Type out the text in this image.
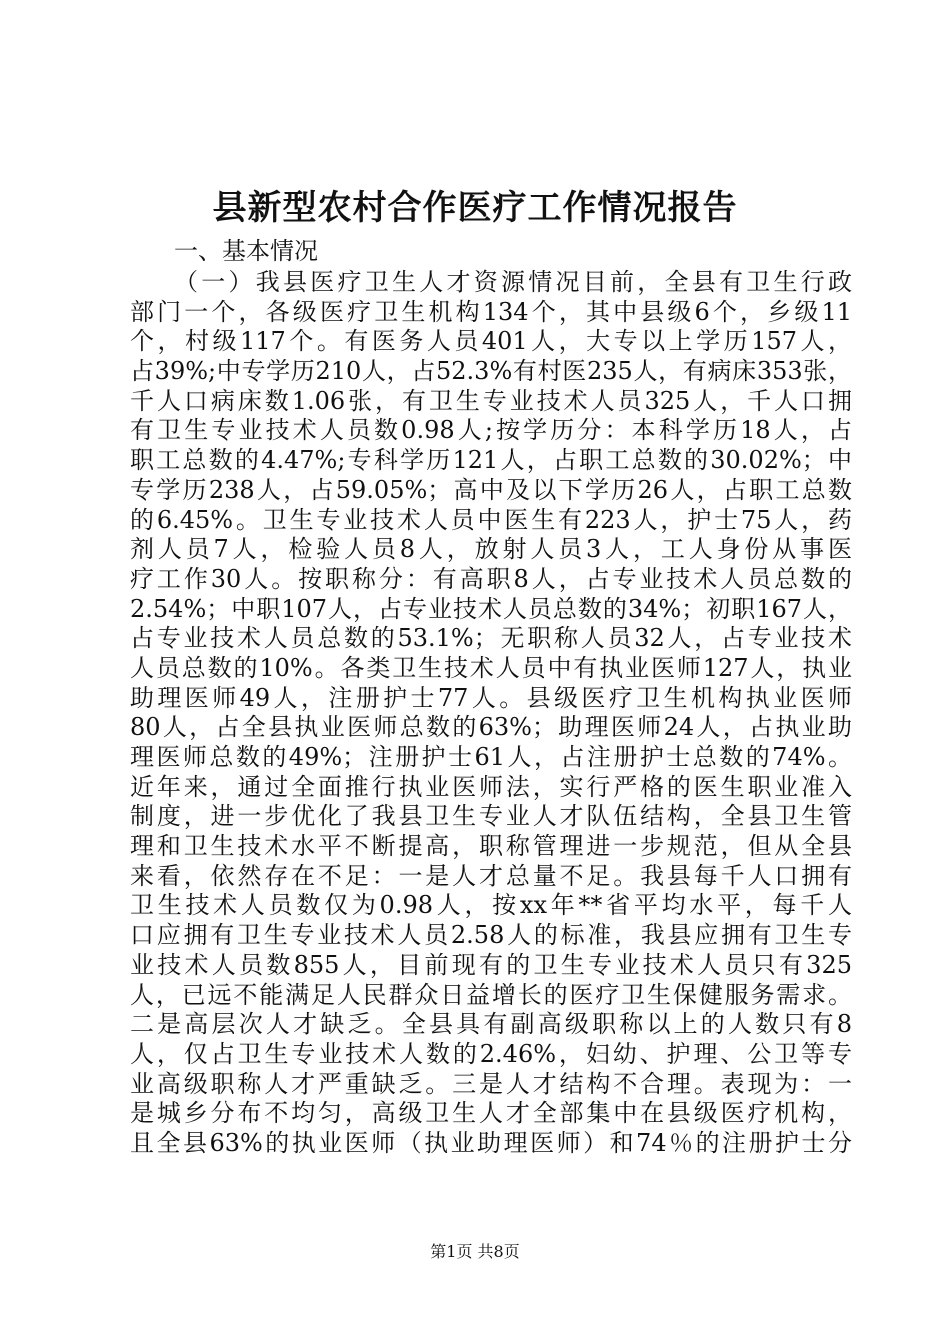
县新型农村合作医疗工作情况报告

一、基本情况

（一）我县医疗卫生人才资源情况目前，全县有卫生行政
部门一个，各级医疗卫生机构134个，其中县级6个，乡级11
个，村级117个。有医务人员401人，大专以上学历157人，
占39%;中专学历210人，占52.3%有村医235人，有病床353张，
千人口病床数1.06张，有卫生专业技术人员325人，千人口拥
有卫生专业技术人员数0.98人;按学历分：本科学历18人，占
职工总数的4.47%;专科学历121人，占职工总数的30.02%；中
专学历238人，占59.05%；高中及以下学历26人，占职工总数
的6.45%。卫生专业技术人员中医生有223人，护士75人，药
剂人员7人，检验人员8人，放射人员3人，工人身份从事医
疗工作30人。按职称分：有高职8人，占专业技术人员总数的
2.54%；中职107人，占专业技术人员总数的34%；初职167人，
占专业技术人员总数的53.1%；无职称人员32人，占专业技术
人员总数的10%。各类卫生技术人员中有执业医师127人，执业
助理医师49人，注册护士77人。县级医疗卫生机构执业医师
80人，占全县执业医师总数的63%；助理医师24人，占执业助
理医师总数的49%；注册护士61人，占注册护士总数的74%。
近年来，通过全面推行执业医师法，实行严格的医生职业准入
制度，进一步优化了我县卫生专业人才队伍结构，全县卫生管
理和卫生技术水平不断提高，职称管理进一步规范，但从全县
来看，依然存在不足：一是人才总量不足。我县每千人口拥有
卫生技术人员数仅为0.98人，按xx年**省平均水平，每千人
口应拥有卫生专业技术人员2.58人的标准，我县应拥有卫生专
业技术人员数855人，目前现有的卫生专业技术人员只有325
人，已远不能满足人民群众日益增长的医疗卫生保健服务需求。
二是高层次人才缺乏。全县具有副高级职称以上的人数只有8
人，仅占卫生专业技术人数的2.46%，妇幼、护理、公卫等专
业高级职称人才严重缺乏。三是人才结构不合理。表现为：一
是城乡分布不均匀，高级卫生人才全部集中在县级医疗机构，
且全县63%的执业医师（执业助理医师）和74％的注册护士分

第1页 共8页
